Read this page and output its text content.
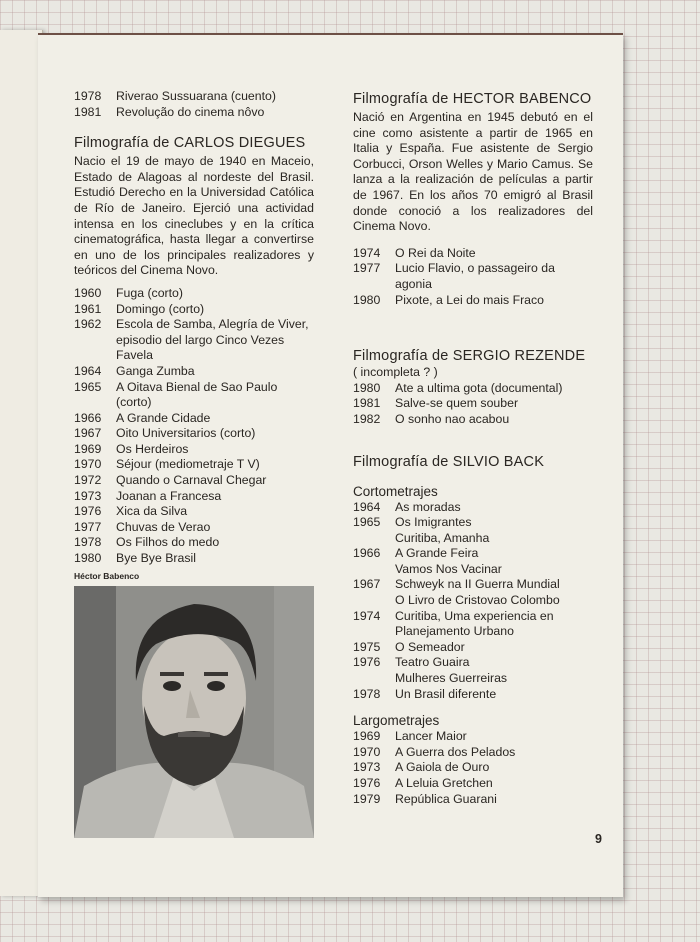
1978	Riverao Sussuarana (cuento)
1981	Revolução do cinema nôvo
Filmografía de CARLOS DIEGUES
Nacio el 19 de mayo de 1940 en Maceio, Estado de Alagoas al nordeste del Brasil. Estudió Derecho en la Universidad Católica de Río de Janeiro. Ejerció una actividad intensa en los cineclubes y en la crítica cinematográfica, hasta llegar a convertirse en uno de los principales realizadores y teóricos del Cinema Novo.
1960	Fuga (corto)
1961	Domingo (corto)
1962	Escola de Samba, Alegría de Viver, episodio del largo Cinco Vezes Favela
1964	Ganga Zumba
1965	A Oitava Bienal de Sao Paulo (corto)
1966	A Grande Cidade
1967	Oito Universitarios (corto)
1969	Os Herdeiros
1970	Séjour (mediometraje T V)
1972	Quando o Carnaval Chegar
1973	Joanan a Francesa
1976	Xica da Silva
1977	Chuvas de Verao
1978	Os Filhos do medo
1980	Bye Bye Brasil
Héctor Babenco
Filmografía de HECTOR BABENCO
Nació en Argentina en 1945 debutó en el cine como asistente a partir de 1965 en Italia y España. Fue asistente de Sergio Corbucci, Orson Welles y Mario Camus. Se lanza a la realización de películas a partir de 1967. En los años 70 emigró al Brasil donde conoció a los realizadores del Cinema Novo.
1974	O Rei da Noite
1977	Lucio Flavio, o passageiro da agonia
1980	Pixote, a Lei do mais Fraco
Filmografía de SERGIO REZENDE
( incompleta ? )
1980	Ate a ultima gota (documental)
1981	Salve-se quem souber
1982	O sonho nao acabou
Filmografía de SILVIO BACK
Cortometrajes
1964	As moradas
1965	Os Imigrantes
Curitiba, Amanha
1966	A Grande Feira
Vamos Nos Vacinar
1967	Schweyk na II Guerra Mundial
O Livro de Cristovao Colombo
1974	Curitiba, Uma experiencia en Planejamento Urbano
1975	O Semeador
1976	Teatro Guaira
Mulheres Guerreiras
1978	Un Brasil diferente
Largometrajes
1969	Lancer Maior
1970	A Guerra dos Pelados
1973	A Gaiola de Ouro
1976	A Leluia Gretchen
1979	República Guarani
9
